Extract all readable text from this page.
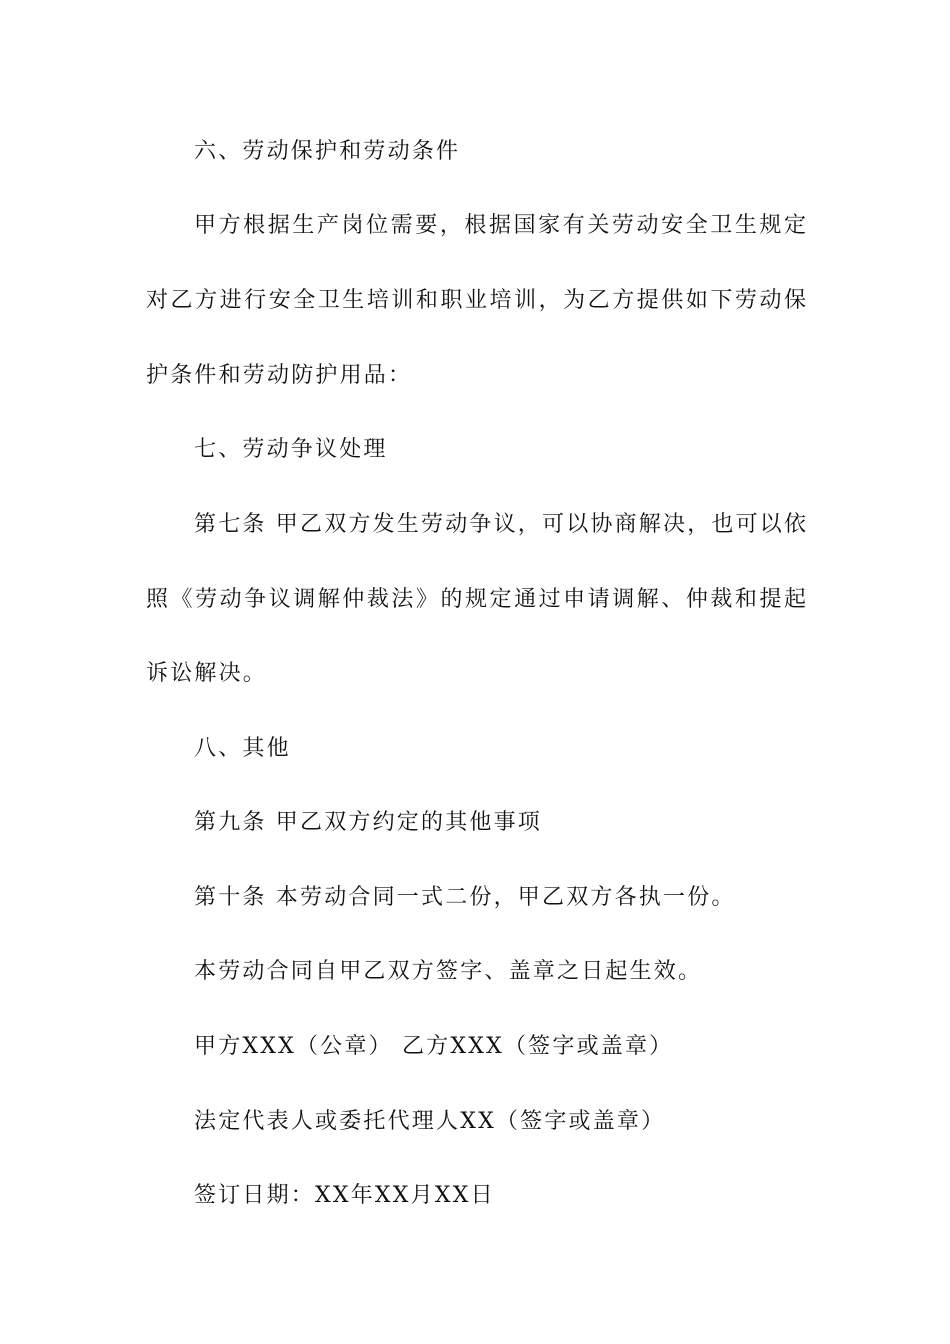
六、劳动保护和劳动条件
甲方根据生产岗位需要，根据国家有关劳动安全卫生规定
对乙方进行安全卫生培训和职业培训，为乙方提供如下劳动保
护条件和劳动防护用品：
七、劳动争议处理
第七条 甲乙双方发生劳动争议，可以协商解决，也可以依
照《劳动争议调解仲裁法》的规定通过申请调解、仲裁和提起
诉讼解决。
八、其他
第九条 甲乙双方约定的其他事项
第十条 本劳动合同一式二份，甲乙双方各执一份。
本劳动合同自甲乙双方签字、盖章之日起生效。
甲方XXX（公章） 乙方XXX（签字或盖章）
法定代表人或委托代理人XX（签字或盖章）
签订日期：XX年XX月XX日
